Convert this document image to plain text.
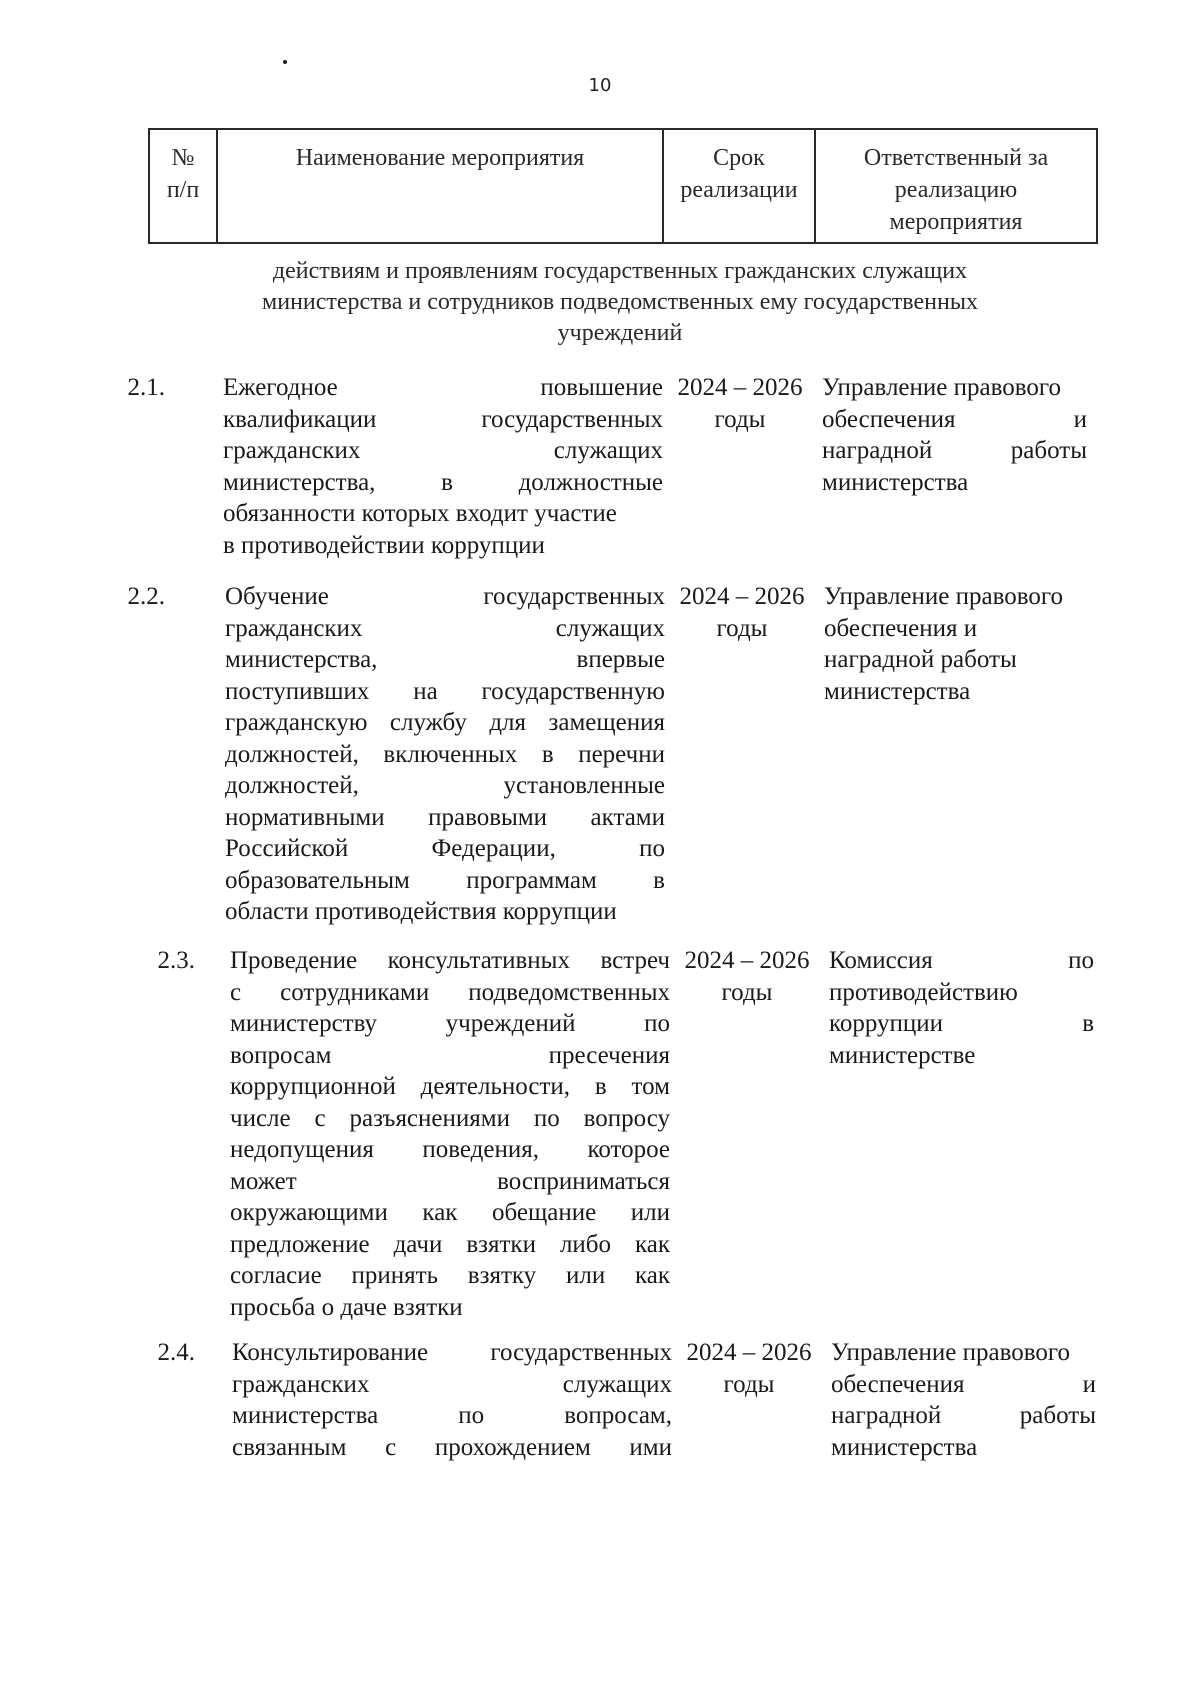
10
№
п/п
Наименование мероприятия	Срок
реализации
Ответственный за
реализацию
мероприятия
действиям и проявлениям государственных гражданских служащих
министерства и сотрудников подведомственных ему государственных
учреждений
2.1. Ежегодное повышение
квалификации государственных
гражданских служащих
министерства, в должностные
обязанности которых входит участие
в противодействии коррупции
2024 – 2026
годы
Управление правового
обеспечения и
наградной работы
министерства
2.2. Обучение государственных
гражданских служащих
министерства, впервые
поступивших на государственную
гражданскую службу для замещения
должностей, включенных в перечни
должностей, установленные
нормативными правовыми актами
Российской Федерации, по
образовательным программам в
области противодействия коррупции
2024 – 2026
годы
Управление правового
обеспечения и
наградной работы
министерства
2.3. Проведение консультативных встреч
с сотрудниками подведомственных
министерству учреждений по
вопросам пресечения
коррупционной деятельности, в том
числе с разъяснениями по вопросу
недопущения поведения, которое
может восприниматься
окружающими как обещание или
предложение дачи взятки либо как
согласие принять взятку или как
просьба о даче взятки
2024 – 2026
годы
Комиссия по
противодействию
коррупции в
министерстве
2.4. Консультирование государственных
гражданских служащих
министерства по вопросам,
связанным с прохождением ими
2024 – 2026
годы
Управление правового
обеспечения и
наградной работы
министерства
